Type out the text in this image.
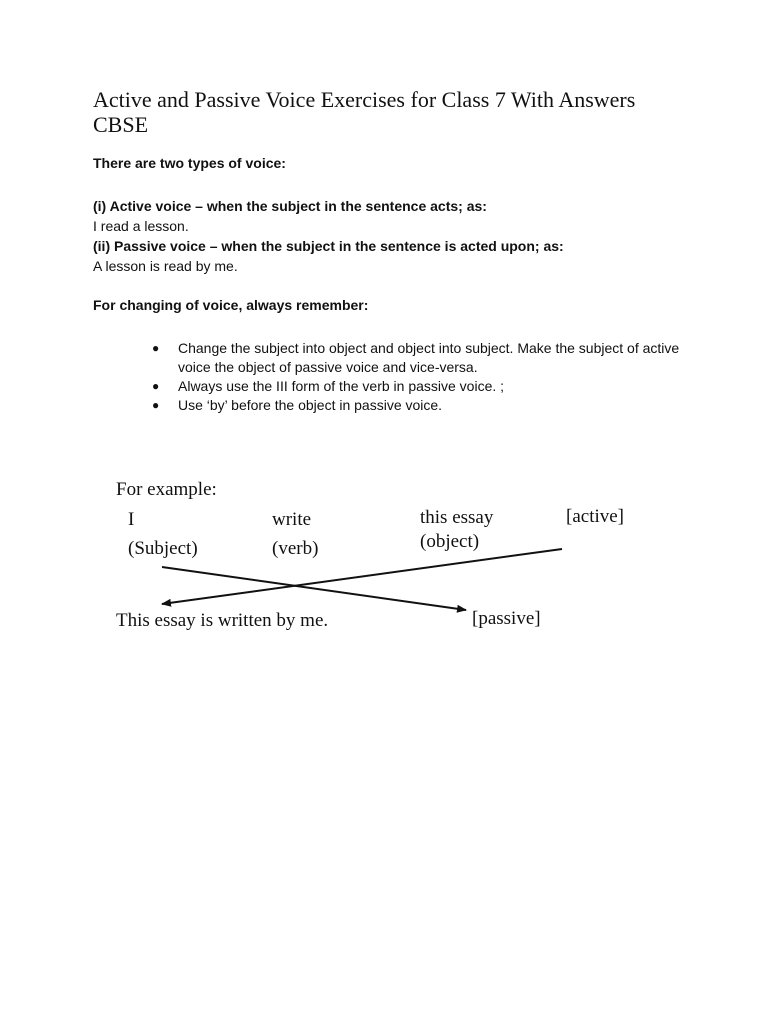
Active and Passive Voice Exercises for Class 7 With Answers CBSE

There are two types of voice:

(i) Active voice – when the subject in the sentence acts; as:

I read a lesson.

(ii) Passive voice – when the subject in the sentence is acted upon; as:

A lesson is read by me.

For changing of voice, always remember:

● Change the subject into object and object into subject. Make the subject of active voice the object of passive voice and vice-versa.
● Always use the III form of the verb in passive voice. ;
● Use ‘by’ before the object in passive voice.
For example:
I	write	this essay	[active]
(Subject)	(verb)	(object)
This essay is written by me.	[passive]
